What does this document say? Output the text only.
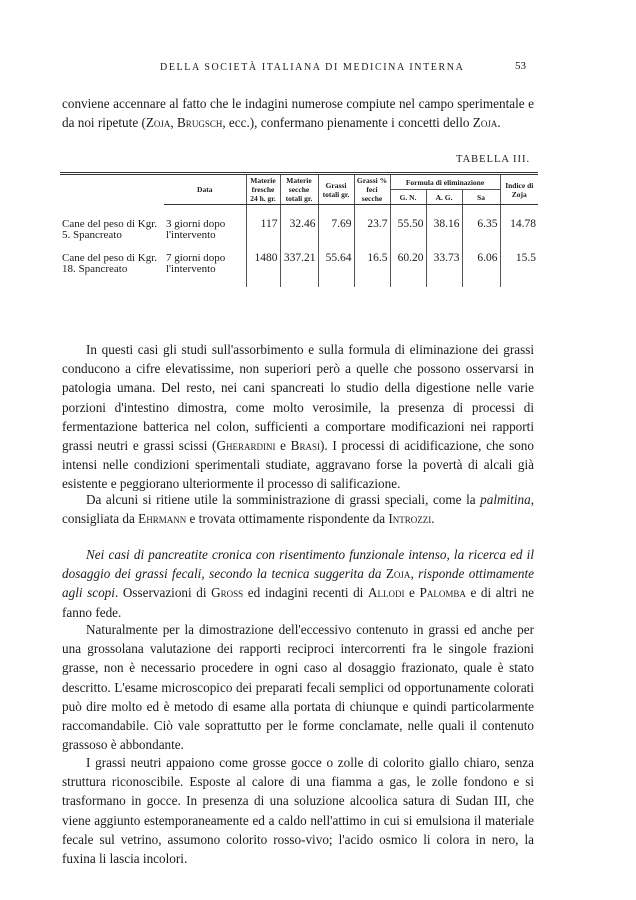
DELLA SOCIETÀ ITALIANA DI MEDICINA INTERNA	53

conviene accennare al fatto che le indagini numerose compiute nel campo sperimentale e da noi ripetute (Zoja, Brugsch, ecc.), confermano pienamente i concetti dello Zoja.

TABELLA III.
	Data	Materie fresche 24 h. gr.	Materie secche totali gr.	Grassi totali gr.	Grassi % feci secche	Formula di eliminazione			Indice di Zoja
						G. N.	A. G.	Sa	

Cane del peso di Kgr. 5. Spancreato	3 giorni dopo l'intervento	117	32.46	7.69	23.7	55.50	38.16	6.35	14.78
Cane del peso di Kgr. 18. Spancreato	7 giorni dopo l'intervento	1480	337.21	55.64	16.5	60.20	33.73	6.06	15.5

In questi casi gli studi sull'assorbimento e sulla formula di eliminazione dei grassi conducono a cifre elevatissime, non superiori però a quelle che possono osservarsi in patologia umana. Del resto, nei cani spancreati lo studio della digestione nelle varie porzioni d'intestino dimostra, come molto verosimile, la presenza di processi di fermentazione batterica nel colon, sufficienti a comportare modificazioni nei rapporti grassi neutri e grassi scissi (Gherardini e Brasi). I processi di acidificazione, che sono intensi nelle condizioni sperimentali studiate, aggravano forse la povertà di alcali già esistente e peggiorano ulteriormente il processo di salificazione.

Da alcuni si ritiene utile la somministrazione di grassi speciali, come la palmitina, consigliata da Ehrmann e trovata ottimamente rispondente da Introzzi.

Nei casi di pancreatite cronica con risentimento funzionale intenso, la ricerca ed il dosaggio dei grassi fecali, secondo la tecnica suggerita da Zoja, risponde ottimamente agli scopi. Osservazioni di Gross ed indagini recenti di Allodi e Palomba e di altri ne fanno fede.

Naturalmente per la dimostrazione dell'eccessivo contenuto in grassi ed anche per una grossolana valutazione dei rapporti reciproci intercorrenti fra le singole frazioni grasse, non è necessario procedere in ogni caso al dosaggio frazionato, quale è stato descritto. L'esame microscopico dei preparati fecali semplici od opportunamente colorati può dire molto ed è metodo di esame alla portata di chiunque e quindi particolarmente raccomandabile. Ciò vale soprattutto per le forme conclamate, nelle quali il contenuto grassoso è abbondante.

I grassi neutri appaiono come grosse gocce o zolle di colorito giallo chiaro, senza struttura riconoscibile. Esposte al calore di una fiamma a gas, le zolle fondono e si trasformano in gocce. In presenza di una soluzione alcoolica satura di Sudan III, che viene aggiunto estemporaneamente ed a caldo nell'attimo in cui si emulsiona il materiale fecale sul vetrino, assumono colorito rosso-vivo; l'acido osmico li colora in nero, la fuxina li lascia incolori.
